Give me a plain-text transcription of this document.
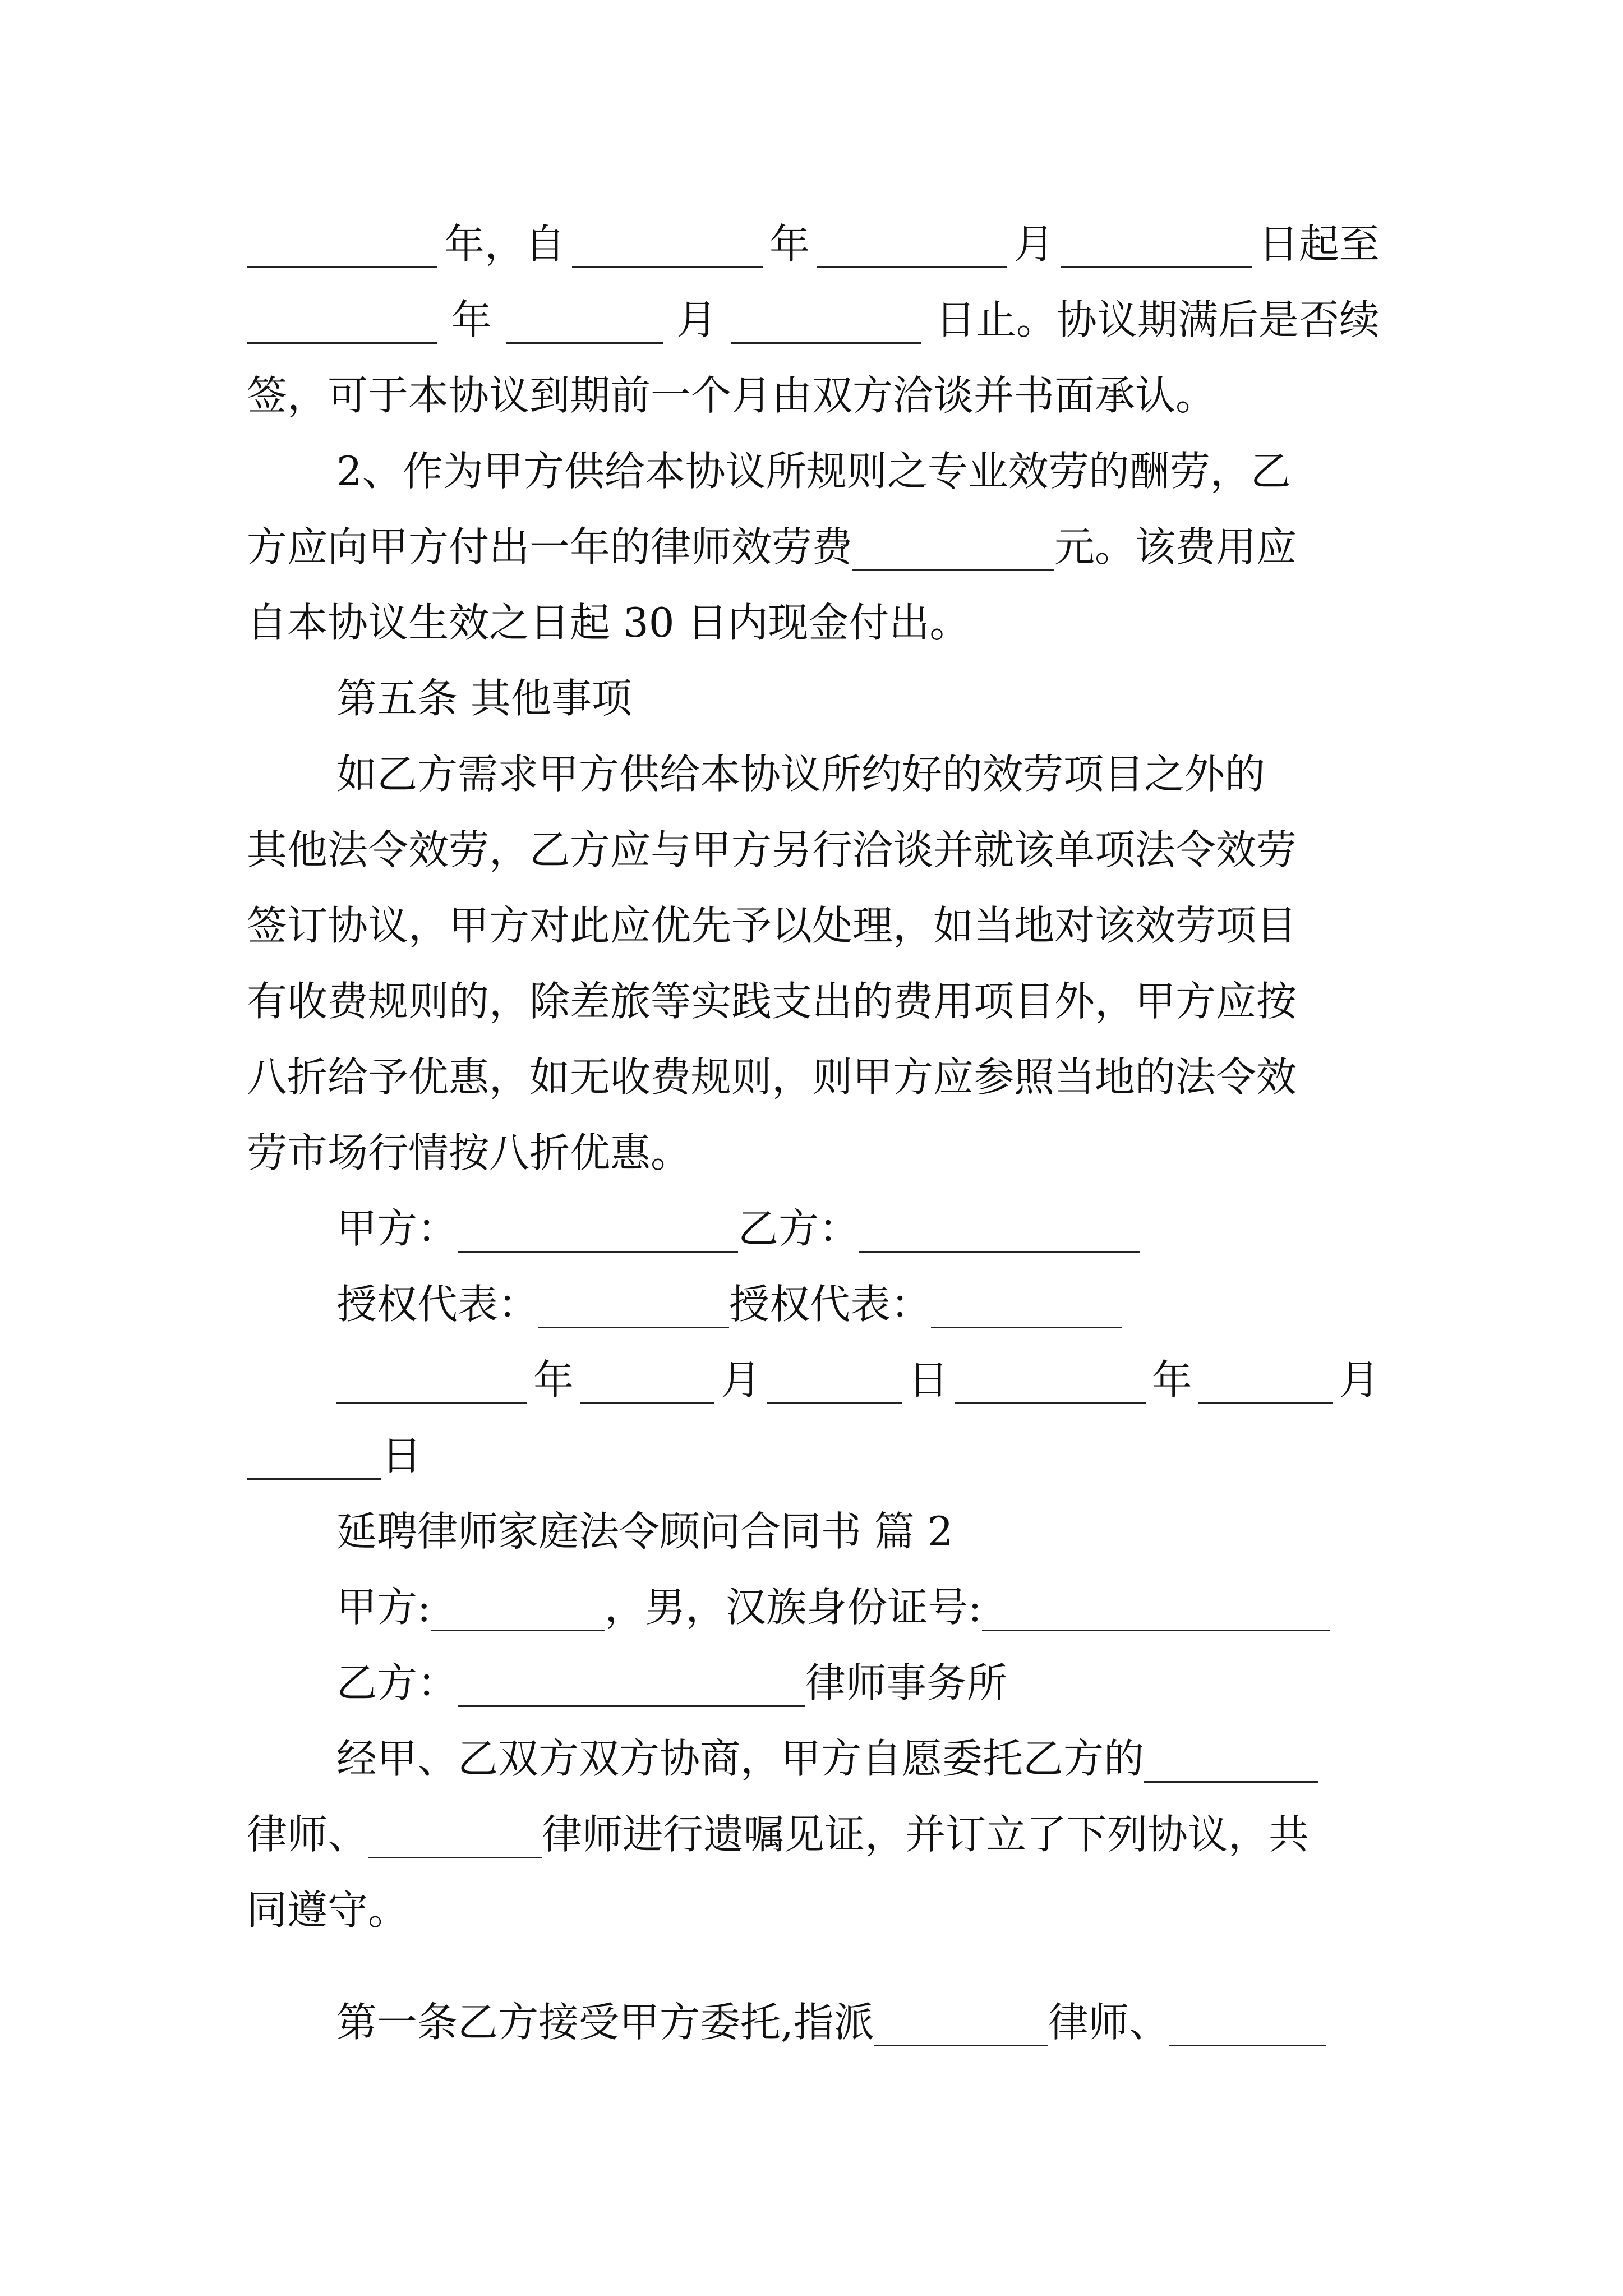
年，自	年	月	日起至
年	月	日止。协议期满后是否续
签，可于本协议到期前一个月由双方洽谈并书面承认。
2、作为甲方供给本协议所规则之专业效劳的酬劳，乙
方应向甲方付出一年的律师效劳费	元。该费用应
自本协议生效之日起 30 日内现金付出。
第五条 其他事项
如乙方需求甲方供给本协议所约好的效劳项目之外的
其他法令效劳，乙方应与甲方另行洽谈并就该单项法令效劳
签订协议，甲方对此应优先予以处理，如当地对该效劳项目
有收费规则的，除差旅等实践支出的费用项目外，甲方应按
八折给予优惠，如无收费规则，则甲方应参照当地的法令效
劳市场行情按八折优惠。
甲方：	乙方：
授权代表：	授权代表：
年	月	日	年	月
日
延聘律师家庭法令顾问合同书 篇 2
甲方:	，男，汉族身份证号:
乙方：	律师事务所
经甲、乙双方双方协商，甲方自愿委托乙方的
律师、	律师进行遗嘱见证，并订立了下列协议，共
同遵守。
第一条乙方接受甲方委托,指派	律师、
